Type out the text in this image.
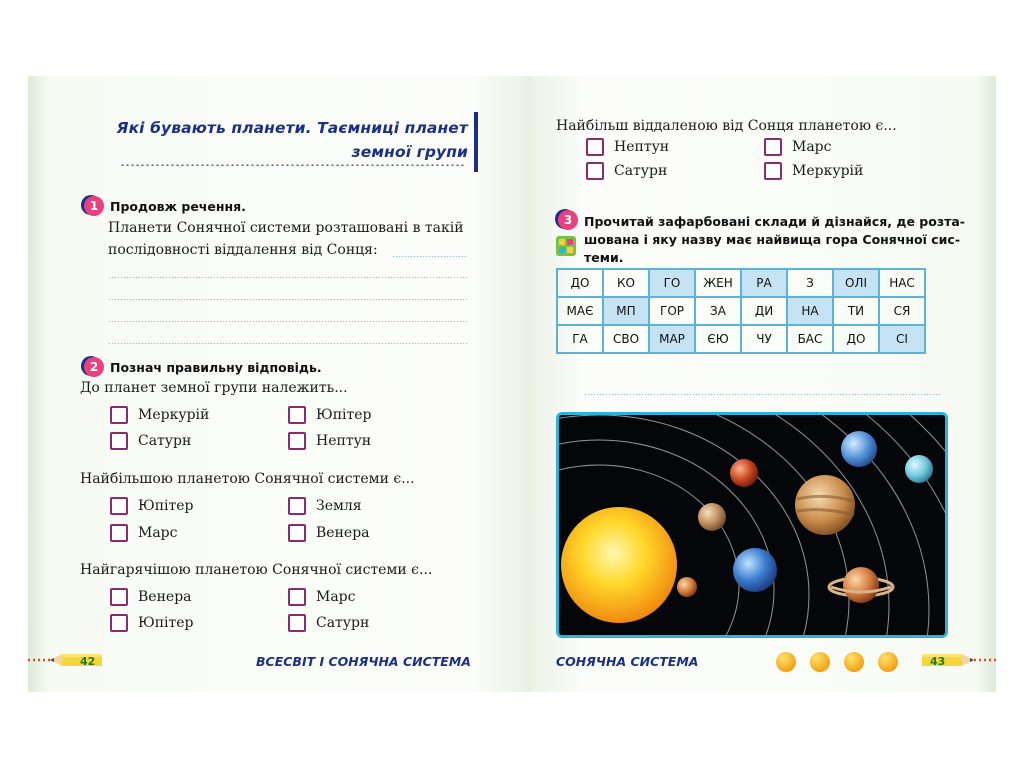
Які бувають планети. Таємниці планет
земної групи
1 Продовж речення.
Планети Сонячної системи розташовані в такій
послідовності віддалення від Сонця:
2 Познач правильну відповідь.
До планет земної групи належить...
Меркурій	Юпітер
Сатурн	Нептун
Найбільшою планетою Сонячної системи є...
Юпітер	Земля
Марс	Венера
Найгарячішою планетою Сонячної системи є...
Венера	Марс
Юпітер	Сатурн
42	ВСЕСВІТ І СОНЯЧНА СИСТЕМА
Найбільш віддаленою від Сонця планетою є...
Нептун	Марс
Сатурн	Меркурій
3 Прочитай зафарбовані склади й дізнайся, де розта-
шована і яку назву має найвища гора Сонячної сис-
теми.
ДО	КО	ГО	ЖЕН	РА	З	ОЛІ	НАС
МАЄ	МП	ГОР	ЗА	ДИ	НА	ТИ	СЯ
ГА	СВО	МАР	ЄЮ	ЧУ	БАС	ДО	СІ
СОНЯЧНА СИСТЕМА	43
